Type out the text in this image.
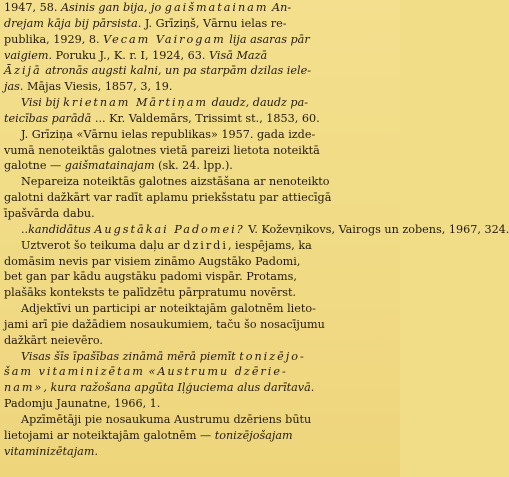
1947, 58. Asinis gan bija, jo gaišmatainam An-
drejam kāja bij pārsista. J. Grīziņš, Vārnu ielas re-
publika, 1929, 8. Vecam Vairogam lija asaras pār
vaigiem. Poruku J., K. r. I, 1924, 63. Visā Mazā
Āzijā atronās augsti kalni, un pa starpām dzilas iele-
jas. Mājas Viesis, 1857, 3, 19.
Visi bij krietnam Mārtiņam daudz, daudz pa-
teicības parādā ... Kr. Valdemārs, Trissimt st., 1853, 60.
J. Grīziņa «Vārnu ielas republikas» 1957. gada izde-
vumā nenoteiktās galotnes vietā pareizi lietota noteiktā
galotne — gaišmatainajam (sk. 24. lpp.).
Nepareiza noteiktās galotnes aizstāšana ar nenoteikto
galotni dažkārt var radīt aplamu priekšstatu par attiecīgā
īpašvārda dabu.
..kandidātus Augstākai Padomei? V. Koževņikovs, Vairogs un zobens, 1967, 324.
Uztverot šo teikuma daļu ar dzirdi, iespējams, ka
domāsim nevis par visiem zināmo Augstāko Padomi,
bet gan par kādu augstāku padomi vispār. Protams,
plašāks konteksts te palīdzētu pārpratumu novērst.
Adjektīvi un participi ar noteiktajām galotnēm lieto-
jami arī pie dažādiem nosaukumiem, taču šo nosacījumu
dažkārt neievēro.
Visas šīs īpašības zināmā mērā piemīt tonizējo-
šam vitaminizētam «Austrumu dzērie-
nam», kura ražošana apgūta Iļģuciema alus darītavā.
Padomju Jaunatne, 1966, 1.
Apzīmētāji pie nosaukuma Austrumu dzēriens būtu
lietojami ar noteiktajām galotnēm — tonizējošajam
vitaminizētajam.
